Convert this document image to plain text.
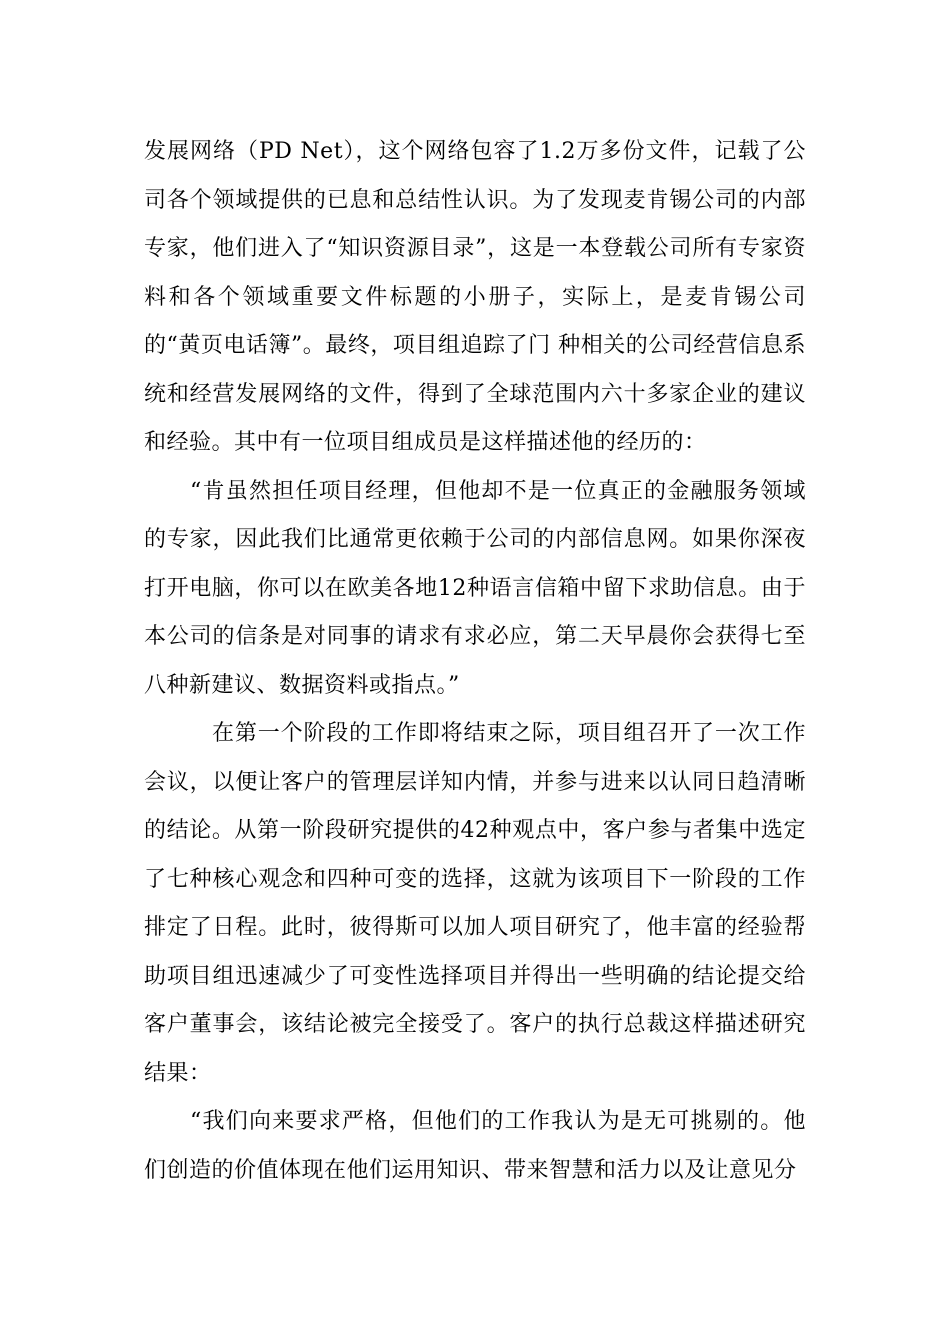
发展网络（PD Net），这个网络包容了1.2万多份文件，记载了公司各个领域提供的已息和总结性认识。为了发现麦肯锡公司的内部专家，他们进入了“知识资源目录”，这是一本登载公司所有专家资料和各个领域重要文件标题的小册子，实际上，是麦肯锡公司的“黄页电话簿”。最终，项目组追踪了门 种相关的公司经营信息系统和经营发展网络的文件，得到了全球范围内六十多家企业的建议和经验。其中有一位项目组成员是这样描述他的经历的：

“肯虽然担任项目经理，但他却不是一位真正的金融服务领域的专家，因此我们比通常更依赖于公司的内部信息网。如果你深夜打开电脑，你可以在欧美各地12种语言信箱中留下求助信息。由于本公司的信条是对同事的请求有求必应，第二天早晨你会获得七至八种新建议、数据资料或指点。”

在第一个阶段的工作即将结束之际，项目组召开了一次工作会议，以便让客户的管理层详知内情，并参与进来以认同日趋清晰的结论。从第一阶段研究提供的42种观点中，客户参与者集中选定了七种核心观念和四种可变的选择，这就为该项目下一阶段的工作排定了日程。此时，彼得斯可以加人项目研究了，他丰富的经验帮助项目组迅速减少了可变性选择项目并得出一些明确的结论提交给客户董事会，该结论被完全接受了。客户的执行总裁这样描述研究结果：

“我们向来要求严格，但他们的工作我认为是无可挑剔的。他们创造的价值体现在他们运用知识、带来智慧和活力以及让意见分
